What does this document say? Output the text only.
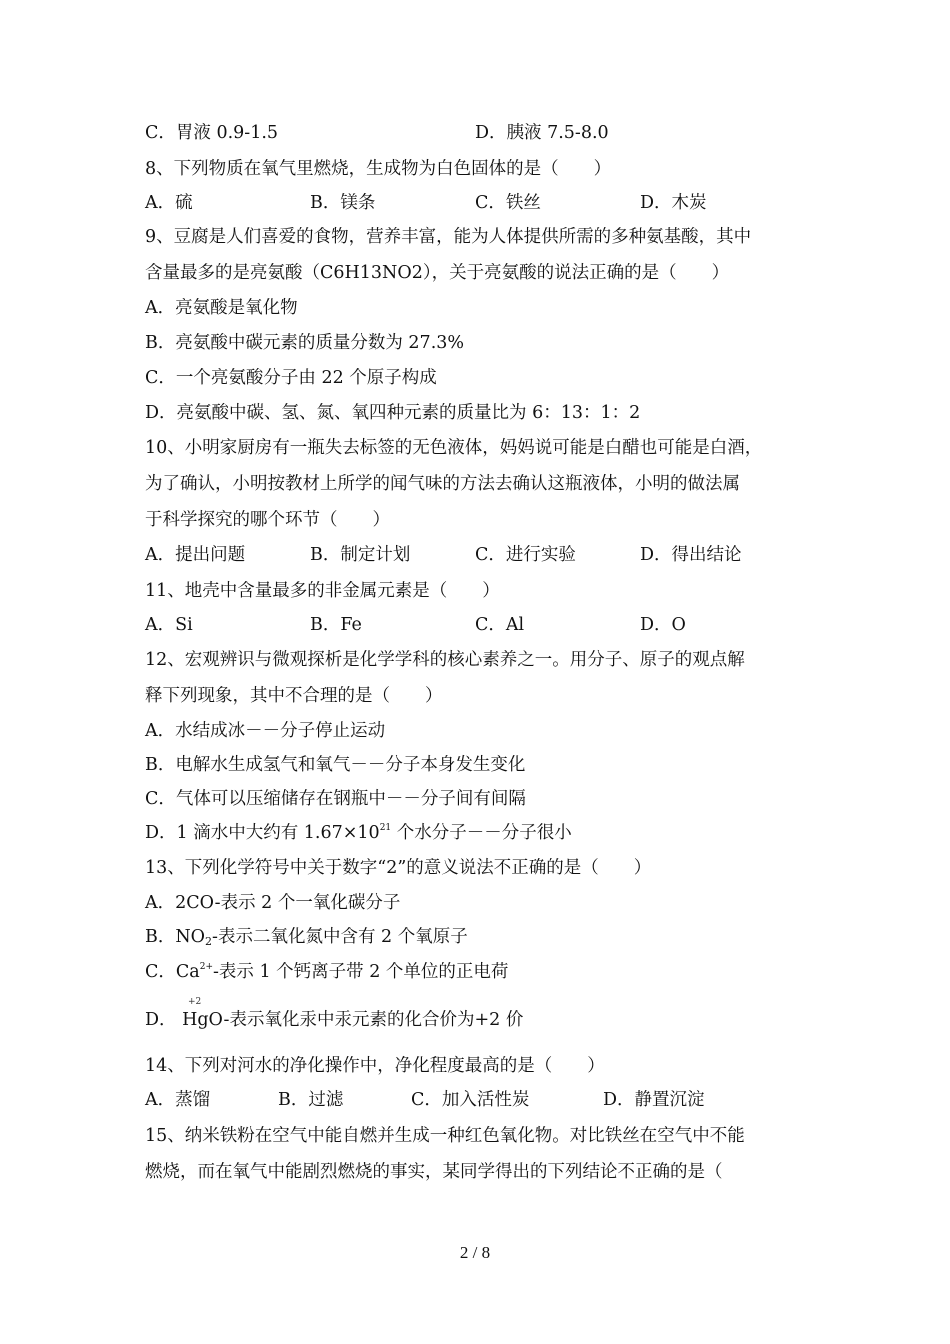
C．胃液 0.9-1.5	D．胰液 7.5-8.0
8、下列物质在氧气里燃烧，生成物为白色固体的是（　　）
A．硫	B．镁条	C．铁丝	D．木炭
9、豆腐是人们喜爱的食物，营养丰富，能为人体提供所需的多种氨基酸，其中
含量最多的是亮氨酸（C6H13NO2），关于亮氨酸的说法正确的是（　　）
A．亮氨酸是氧化物
B．亮氨酸中碳元素的质量分数为 27.3%
C．一个亮氨酸分子由 22 个原子构成
D．亮氨酸中碳、氢、氮、氧四种元素的质量比为 6：13：1：2
10、小明家厨房有一瓶失去标签的无色液体，妈妈说可能是白醋也可能是白酒，
为了确认，小明按教材上所学的闻气味的方法去确认这瓶液体，小明的做法属
于科学探究的哪个环节（　　）
A．提出问题	B．制定计划	C．进行实验	D．得出结论
11、地壳中含量最多的非金属元素是（　　）
A．Si	B．Fe	C．Al	D．O
12、宏观辨识与微观探析是化学学科的核心素养之一。用分子、原子的观点解
释下列现象，其中不合理的是（　　）
A．水结成冰－－分子停止运动
B．电解水生成氢气和氧气－－分子本身发生变化
C．气体可以压缩储存在钢瓶中－－分子间有间隔
D．1 滴水中大约有 $1.67\times 10^{21}$ 个水分子－－分子很小
13、下列化学符号中关于数字“2”的意义说法不正确的是（　　）
A．2CO-表示 2 个一氧化碳分子
B．$NO_2-$表示二氧化氮中含有 2 个氧原子
C．$Ca^{2+}-$表示 1 个钙离子带 2 个单位的正电荷
+2
D． HgO-表示氧化汞中汞元素的化合价为+2 价
14、下列对河水的净化操作中，净化程度最高的是（　　）
A．蒸馏	B．过滤	C．加入活性炭	D．静置沉淀
15、纳米铁粉在空气中能自燃并生成一种红色氧化物。对比铁丝在空气中不能
燃烧，而在氧气中能剧烈燃烧的事实，某同学得出的下列结论不正确的是（
2 / 8
